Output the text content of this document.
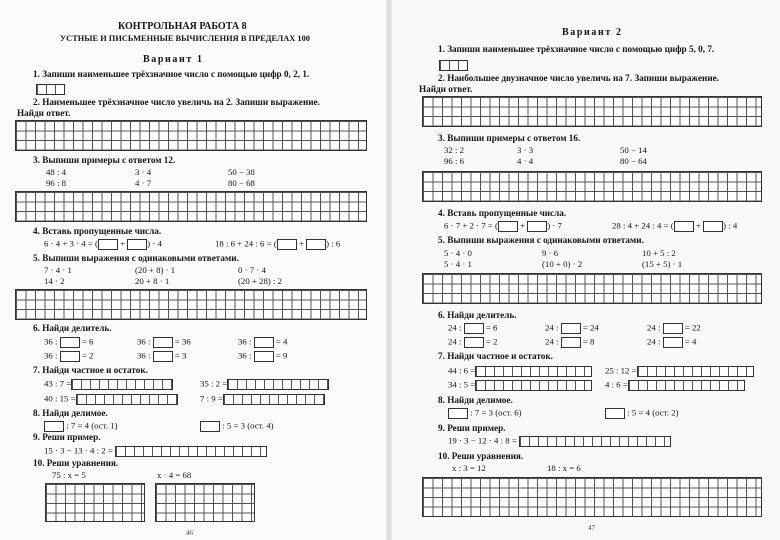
КОНТРОЛЬНАЯ РАБОТА 8
УСТНЫЕ И ПИСЬМЕННЫЕ ВЫЧИСЛЕНИЯ В ПРЕДЕЛАХ 100
Вариант 1
1. Запиши наименьшее трёхзначное число с помощью цифр 0, 2, 1.
2. Наименьшее трёхзначное число увеличь на 2. Запиши выражение.
Найди ответ.
3. Выпиши примеры с ответом 12.
48 : 4	3 · 4	50 − 38
96 : 8	4 · 7	80 − 68
4. Вставь пропущенные числа.
6 · 4 + 3 · 4 = (	+	) · 4	18 : 6 + 24 : 6 = (	+	) : 6
5. Выпиши выражения с одинаковыми ответами.
7 · 4 · 1	(20 + 8) · 1	0 · 7 · 4
14 · 2	20 + 8 · 1	(20 + 28) : 2
6. Найди делитель.
36 :	= 6	36 :	= 36	36 :	= 4
36 :	= 2	36 :	= 3	36 :	= 9
7. Найди частное и остаток.
43 : 7 =	35 : 2 =
40 : 15 =	7 : 9 =
8. Найди делимое.
: 7 = 4 (ост. 1)	: 5 = 3 (ост. 4)
9. Реши пример.
15 · 3 − 13 · 4 : 2 =
10. Реши уравнения.
75 : x = 5	x · 4 = 68
46
Вариант 2
1. Запиши наименьшее трёхзначное число с помощью цифр 5, 0, 7.
2. Наибольшее двузначное число увеличь на 7. Запиши выражение.
Найди ответ.
3. Выпиши примеры с ответом 16.
32 : 2	3 · 3	50 − 14
96 : 6	4 · 4	80 − 64
4. Вставь пропущенные числа.
6 · 7 + 2 · 7 = (	+	) · 7	28 : 4 + 24 : 4 = (	+	) : 4
5. Выпиши выражения с одинаковыми ответами.
5 · 4 · 0	9 · 6	10 + 5 : 2
5 · 4 · 1	(10 + 0) · 2	(15 + 5) · 1
6. Найди делитель.
24 :	= 6	24 :	= 24	24 :	= 22
24 :	= 2	24 :	= 8	24 :	= 4
7. Найди частное и остаток.
44 : 6 =	25 : 12 =
34 : 5 =	4 : 6 =
8. Найди делимое.
: 7 = 3 (ост. 6)	: 5 = 4 (ост. 2)
9. Реши пример.
19 · 3 − 12 · 4 : 8 =
10. Реши уравнения.
x : 3 = 12	18 : x = 6
47
